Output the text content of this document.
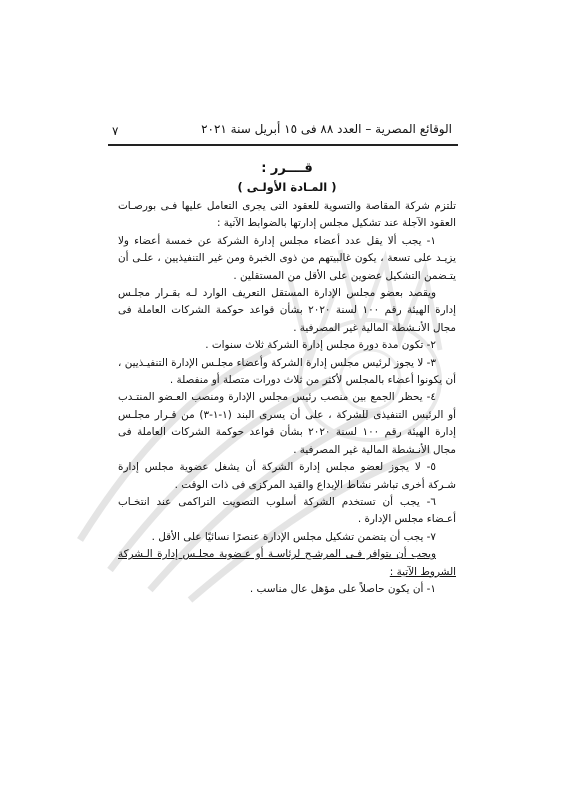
٧	الوقائع المصرية – العدد ٨٨ فى ١٥ أبريل سنة ٢٠٢١
قــــرر :
( المـادة الأولـى )

تلتزم شركة المقاصة والتسوية للعقود التى يجرى التعامل عليها فـى بورصـات العقود الآجلة عند تشكيل مجلس إدارتها بالضوابط الآتية :

١- يجب ألا يقل عدد أعضاء مجلس إدارة الشركة عن خمسة أعضاء ولا يزيـد على تسعة ، يكون غالبيتهم من ذوى الخبرة ومن غير التنفيذيين ، علـى أن يتـضمن التشكيل عضوين على الأقل من المستقلين .

ويقصد بعضو مجلس الإدارة المستقل التعريف الوارد لـه بقـرار مجلـس إدارة الهيئة رقم ١٠٠ لسنة ٢٠٢٠ بشأن قواعد حوكمة الشركات العاملة فى مجال الأنـشطة المالية غير المصرفية .

٢- تكون مدة دورة مجلس إدارة الشركة ثلاث سنوات .

٣- لا يجوز لرئيس مجلس إدارة الشركة وأعضاء مجلـس الإدارة التنفيـذيين ، أن يكونوا أعضاء بالمجلس لأكثر من ثلاث دورات متصلة أو منفصلة .

٤- يحظر الجمع بين منصب رئيس مجلس الإدارة ومنصب العـضو المنتـدب أو الرئيس التنفيذى للشركة ، على أن يسرى البند (١-١-٣) من قـرار مجلـس إدارة الهيئة رقم ١٠٠ لسنة ٢٠٢٠ بشأن قواعد حوكمة الشركات العاملة فى مجال الأنـشطة المالية غير المصرفية .

٥- لا يجوز لعضو مجلس إدارة الشركة أن يشغل عضوية مجلس إدارة شـركة أخرى تباشر نشاط الإيداع والقيد المركزى فى ذات الوقت .

٦- يجب أن تستخدم الشركة أسلوب التصويت التراكمى عند انتخـاب أعـضاء مجلس الإدارة .

٧- يجب أن يتضمن تشكيل مجلس الإدارة عنصرًا نسائيًا على الأقل .

ويجب أن يتوافر فـى المرشـح لرئاسـة أو عـضوية مجلـس إدارة الـشركة الشروط الآتية :

١- أن يكون حاصلاً على مؤهل عال مناسب .
